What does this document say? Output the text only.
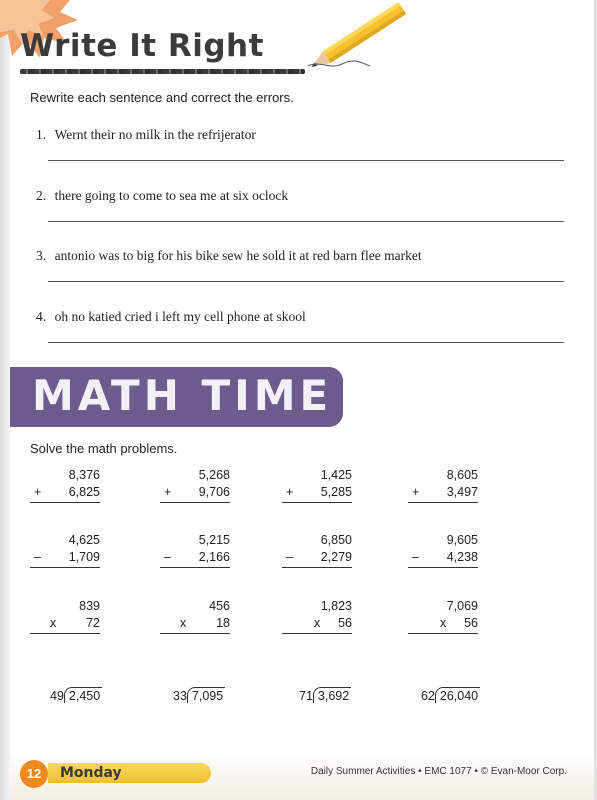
Write It Right
Rewrite each sentence and correct the errors.
1. Wernt their no milk in the refrijerator
2. there going to come to sea me at six oclock
3. antonio was to big for his bike sew he sold it at red barn flee market
4. oh no katied cried i left my cell phone at skool
MATH TIME
Solve the math problems.
8,376
+ 6,825
5,268
+ 9,706
1,425
+ 5,285
8,605
+ 3,497
4,625
– 1,709
5,215
– 2,166
6,850
– 2,279
9,605
– 4,238
839
x 72
456
x 18
1,823
x 56
7,069
x 56
49 2,450	33 7,095	71 3,692	62 26,040
12	Monday	Daily Summer Activities • EMC 1077 • © Evan-Moor Corp.
